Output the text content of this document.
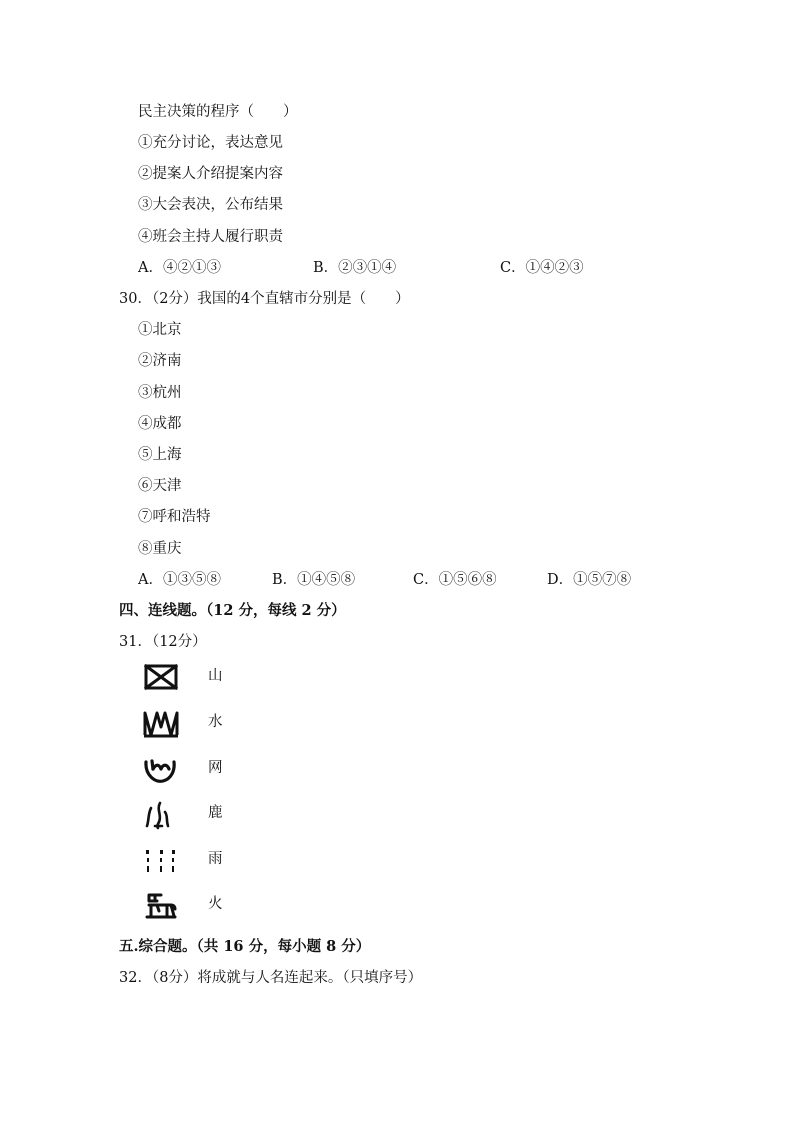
民主决策的程序（　　）
①充分讨论，表达意见
②提案人介绍提案内容
③大会表决，公布结果
④班会主持人履行职责
A．④②①③	B．②③①④	C．①④②③
30．（2分）我国的4个直辖市分别是（　　）
①北京
②济南
③杭州
④成都
⑤上海
⑥天津
⑦呼和浩特
⑧重庆
A．①③⑤⑧	B．①④⑤⑧	C．①⑤⑥⑧	D．①⑤⑦⑧
四、连线题。（12 分，每线 2 分）
31．（12分）
山
水
网
鹿
雨
火
五.综合题。（共 16 分，每小题 8 分）
32．（8分）将成就与人名连起来。（只填序号）
